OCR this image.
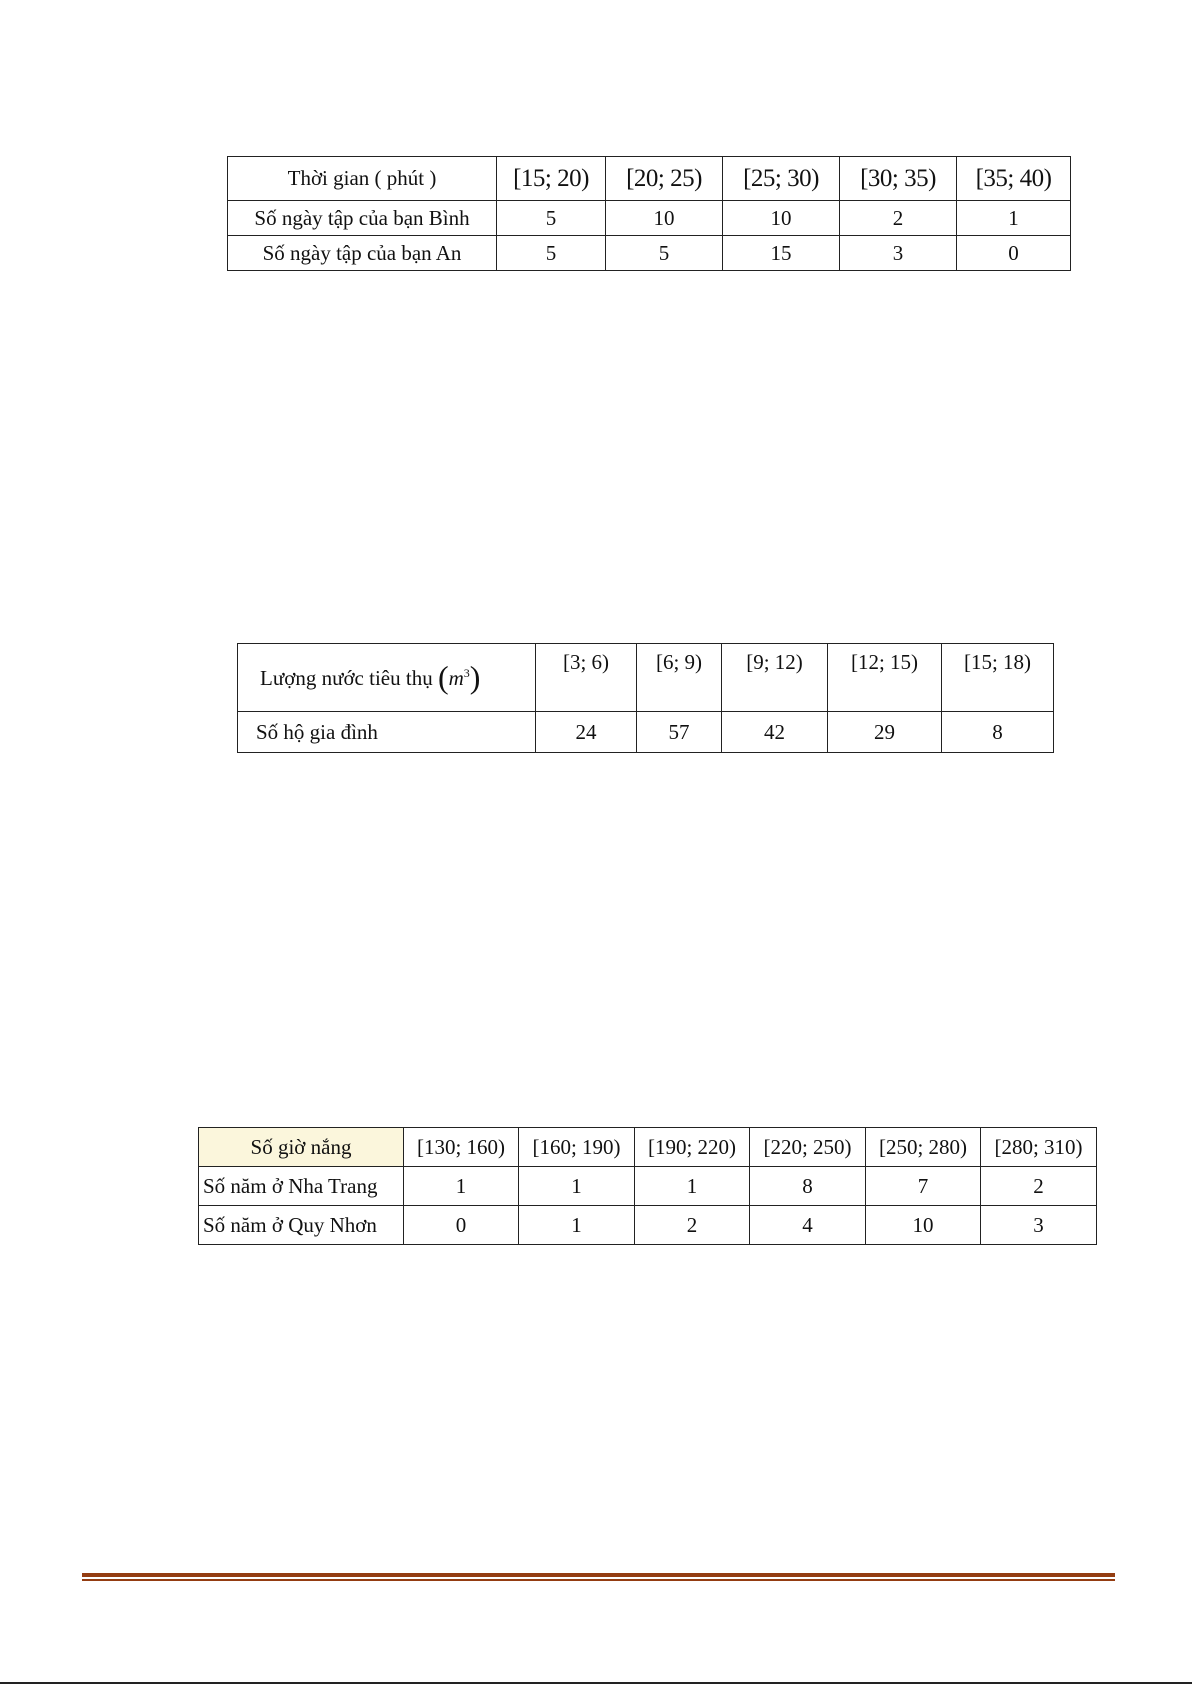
Thời gian ( phút )	[15; 20)	[20; 25)	[25; 30)	[30; 35)	[35; 40)
Số ngày tập của bạn Bình	5	10	10	2	1
Số ngày tập của bạn An	5	5	15	3	0
Lượng nước tiêu thụ $(m^3)$	[3; 6)	[6; 9)	[9; 12)	[12; 15)	[15; 18)
Số hộ gia đình	24	57	42	29	8
Số giờ nắng	[130; 160)	[160; 190)	[190; 220)	[220; 250)	[250; 280)	[280; 310)
Số năm ở Nha Trang	1	1	1	8	7	2
Số năm ở Quy Nhơn	0	1	2	4	10	3
